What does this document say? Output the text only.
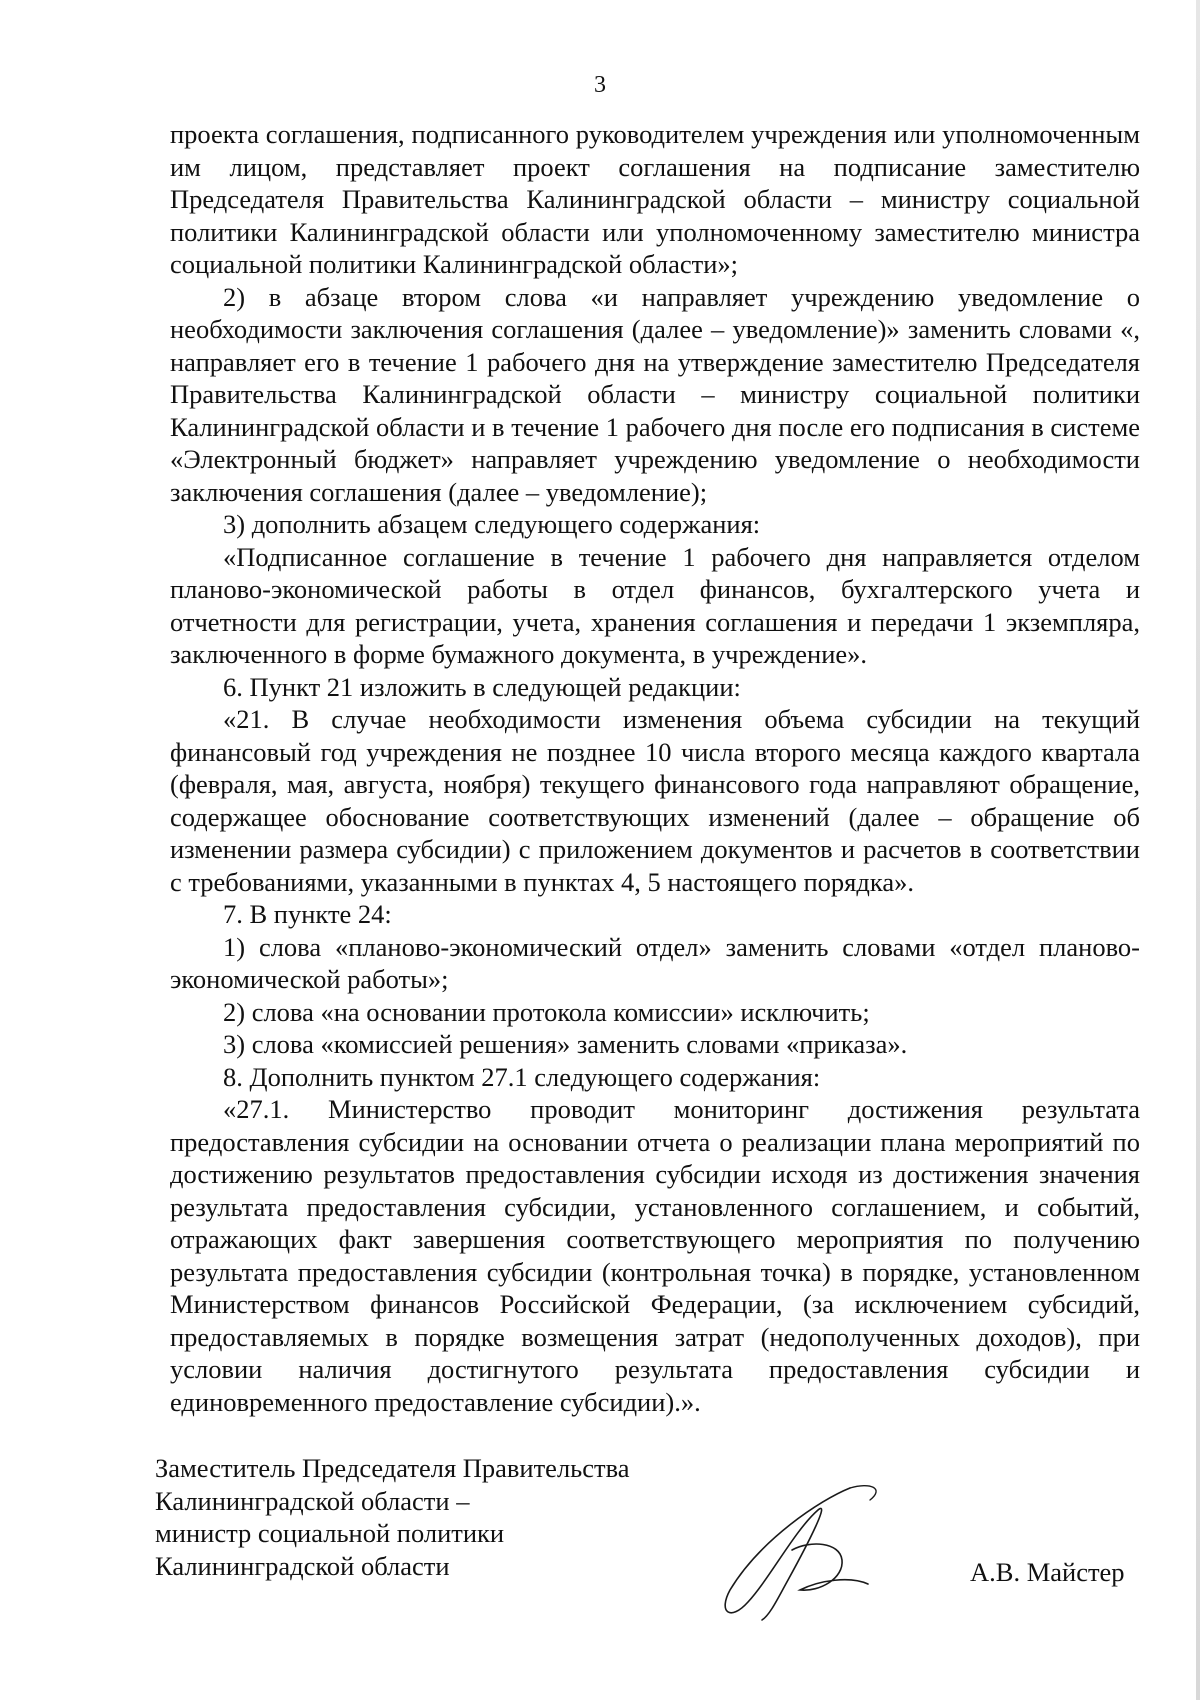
3

проекта соглашения, подписанного руководителем учреждения или уполномоченным им лицом, представляет проект соглашения на подписание заместителю Председателя Правительства Калининградской области – министру социальной политики Калининградской области или уполномоченному заместителю министра социальной политики Калининградской области»;

2) в абзаце втором слова «и направляет учреждению уведомление о необходимости заключения соглашения (далее – уведомление)» заменить словами «, направляет его в течение 1 рабочего дня на утверждение заместителю Председателя Правительства Калининградской области – министру социальной политики Калининградской области и в течение 1 рабочего дня после его подписания в системе «Электронный бюджет» направляет учреждению уведомление о необходимости заключения соглашения (далее – уведомление);

3) дополнить абзацем следующего содержания:

«Подписанное соглашение в течение 1 рабочего дня направляется отделом планово-экономической работы в отдел финансов, бухгалтерского учета и отчетности для регистрации, учета, хранения соглашения и передачи 1 экземпляра, заключенного в форме бумажного документа, в учреждение».

6. Пункт 21 изложить в следующей редакции:

«21. В случае необходимости изменения объема субсидии на текущий финансовый год учреждения не позднее 10 числа второго месяца каждого квартала (февраля, мая, августа, ноября) текущего финансового года направляют обращение, содержащее обоснование соответствующих изменений (далее – обращение об изменении размера субсидии) с приложением документов и расчетов в соответствии с требованиями, указанными в пунктах 4, 5 настоящего порядка».

7. В пункте 24:

1) слова «планово-экономический отдел» заменить словами «отдел планово-экономической работы»;

2) слова «на основании протокола комиссии» исключить;

3) слова «комиссией решения» заменить словами «приказа».

8. Дополнить пунктом 27.1 следующего содержания:

«27.1. Министерство проводит мониторинг достижения результата предоставления субсидии на основании отчета о реализации плана мероприятий по достижению результатов предоставления субсидии исходя из достижения значения результата предоставления субсидии, установленного соглашением, и событий, отражающих факт завершения соответствующего мероприятия по получению результата предоставления субсидии (контрольная точка) в порядке, установленном Министерством финансов Российской Федерации, (за исключением субсидий, предоставляемых в порядке возмещения затрат (недополученных доходов), при условии наличия достигнутого результата предоставления субсидии и единовременного предоставление субсидии).».

Заместитель Председателя Правительства
Калининградской области –
министр социальной политики
Калининградской области	А.В. Майстер
